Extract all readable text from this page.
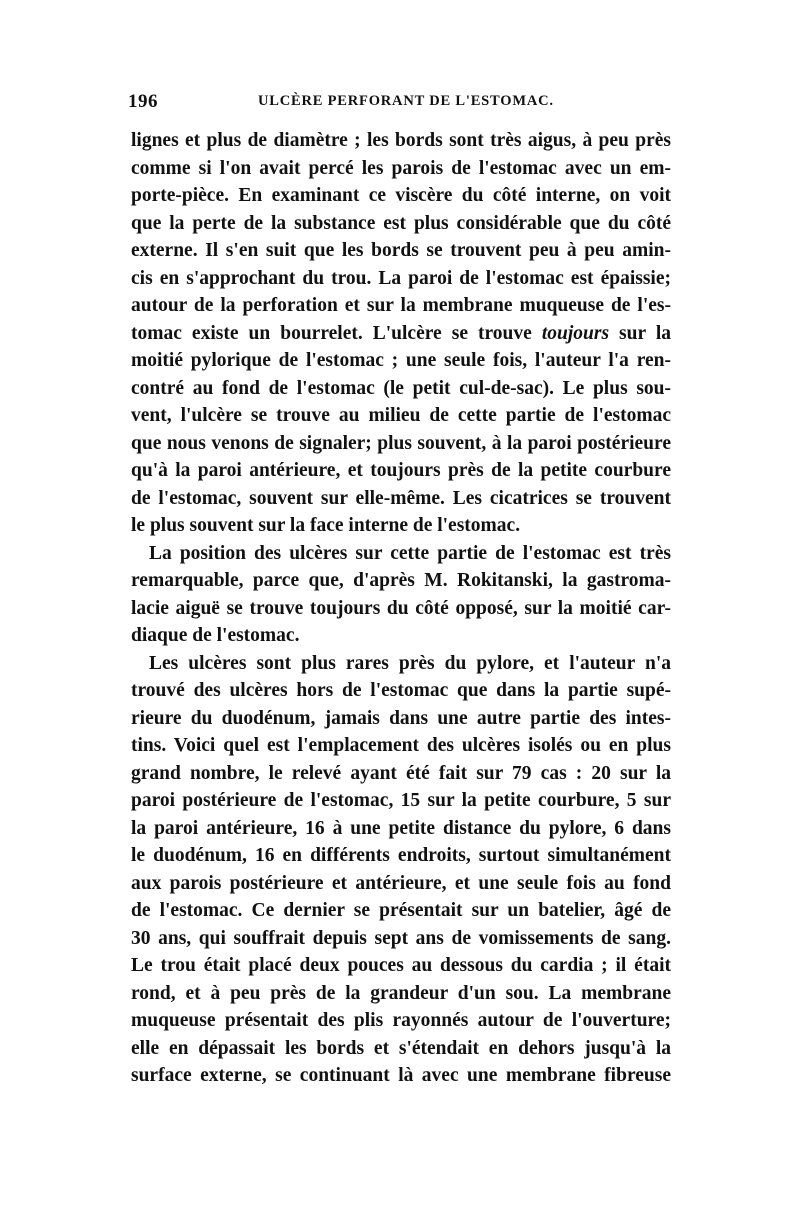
196	ULCÈRE PERFORANT DE L'ESTOMAC.
lignes et plus de diamètre ; les bords sont très aigus, à peu près
comme si l'on avait percé les parois de l'estomac avec un em-
porte-pièce. En examinant ce viscère du côté interne, on voit
que la perte de la substance est plus considérable que du côté
externe. Il s'en suit que les bords se trouvent peu à peu amin-
cis en s'approchant du trou. La paroi de l'estomac est épaissie;
autour de la perforation et sur la membrane muqueuse de l'es-
tomac existe un bourrelet. L'ulcère se trouve toujours sur la
moitié pylorique de l'estomac ; une seule fois, l'auteur l'a ren-
contré au fond de l'estomac (le petit cul-de-sac). Le plus sou-
vent, l'ulcère se trouve au milieu de cette partie de l'estomac
que nous venons de signaler; plus souvent, à la paroi postérieure
qu'à la paroi antérieure, et toujours près de la petite courbure
de l'estomac, souvent sur elle-même. Les cicatrices se trouvent
le plus souvent sur la face interne de l'estomac.
La position des ulcères sur cette partie de l'estomac est très
remarquable, parce que, d'après M. Rokitanski, la gastroma-
lacie aiguë se trouve toujours du côté opposé, sur la moitié car-
diaque de l'estomac.
Les ulcères sont plus rares près du pylore, et l'auteur n'a
trouvé des ulcères hors de l'estomac que dans la partie supé-
rieure du duodénum, jamais dans une autre partie des intes-
tins. Voici quel est l'emplacement des ulcères isolés ou en plus
grand nombre, le relevé ayant été fait sur 79 cas : 20 sur la
paroi postérieure de l'estomac, 15 sur la petite courbure, 5 sur
la paroi antérieure, 16 à une petite distance du pylore, 6 dans
le duodénum, 16 en différents endroits, surtout simultanément
aux parois postérieure et antérieure, et une seule fois au fond
de l'estomac. Ce dernier se présentait sur un batelier, âgé de
30 ans, qui souffrait depuis sept ans de vomissements de sang.
Le trou était placé deux pouces au dessous du cardia ; il était
rond, et à peu près de la grandeur d'un sou. La membrane
muqueuse présentait des plis rayonnés autour de l'ouverture;
elle en dépassait les bords et s'étendait en dehors jusqu'à la
surface externe, se continuant là avec une membrane fibreuse
